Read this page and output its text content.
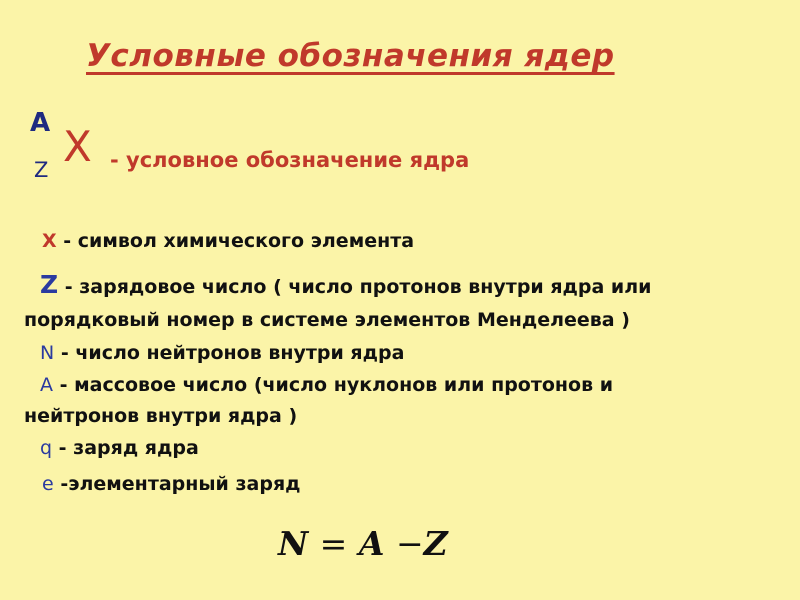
Условные обозначения ядер
A
Z X - условное обозначение ядра
X - символ химического элемента
Z - зарядовое число ( число протонов внутри ядра или
порядковый номер в системе элементов Менделеева )
N - число нейтронов внутри ядра
A - массовое число (число нуклонов или протонов и
нейтронов внутри ядра )
q - заряд ядра
e -элементарный заряд
N = A −Z
